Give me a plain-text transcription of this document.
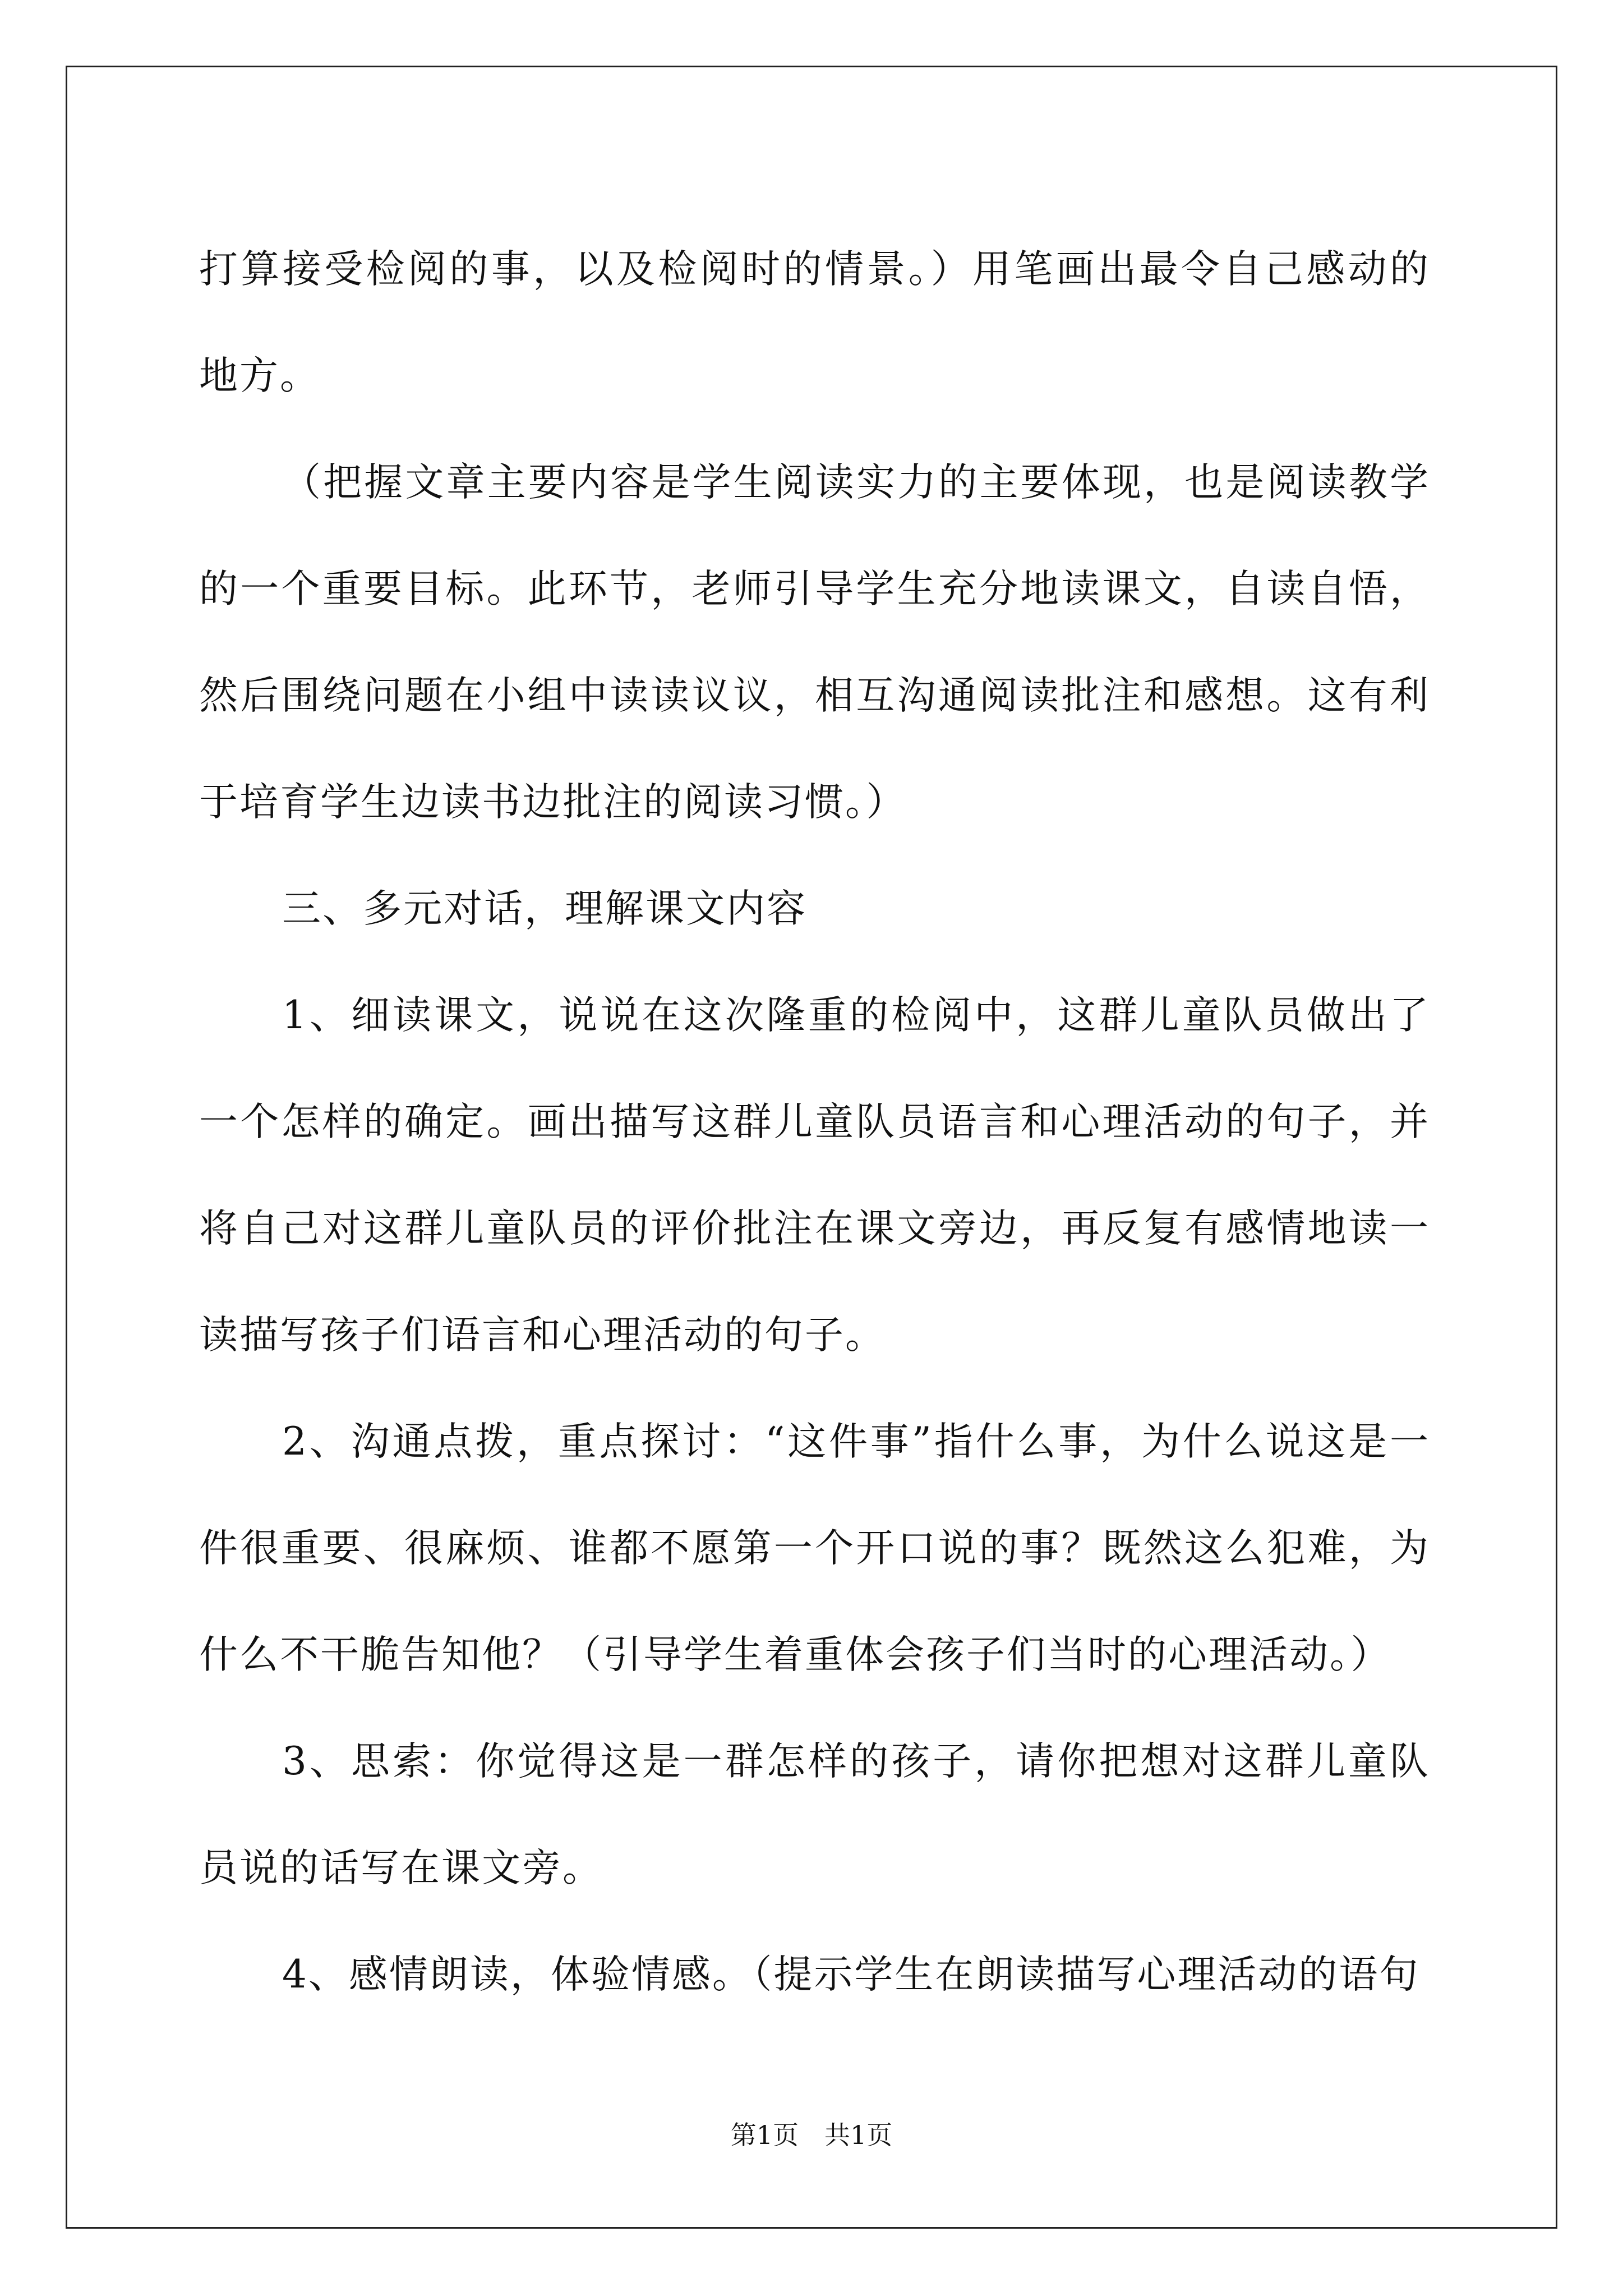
打算接受检阅的事，以及检阅时的情景。）用笔画出最令自己感动的地方。

（把握文章主要内容是学生阅读实力的主要体现，也是阅读教学的一个重要目标。此环节，老师引导学生充分地读课文，自读自悟，然后围绕问题在小组中读读议议，相互沟通阅读批注和感想。这有利于培育学生边读书边批注的阅读习惯。）

三、多元对话，理解课文内容

1、细读课文，说说在这次隆重的检阅中，这群儿童队员做出了一个怎样的确定。画出描写这群儿童队员语言和心理活动的句子，并将自己对这群儿童队员的评价批注在课文旁边，再反复有感情地读一读描写孩子们语言和心理活动的句子。

2、沟通点拨，重点探讨：“这件事”指什么事，为什么说这是一件很重要、很麻烦、谁都不愿第一个开口说的事？既然这么犯难，为什么不干脆告知他？（引导学生着重体会孩子们当时的心理活动。）

3、思索：你觉得这是一群怎样的孩子，请你把想对这群儿童队员说的话写在课文旁。

4、感情朗读，体验情感。（提示学生在朗读描写心理活动的语句

第1页　共1页
